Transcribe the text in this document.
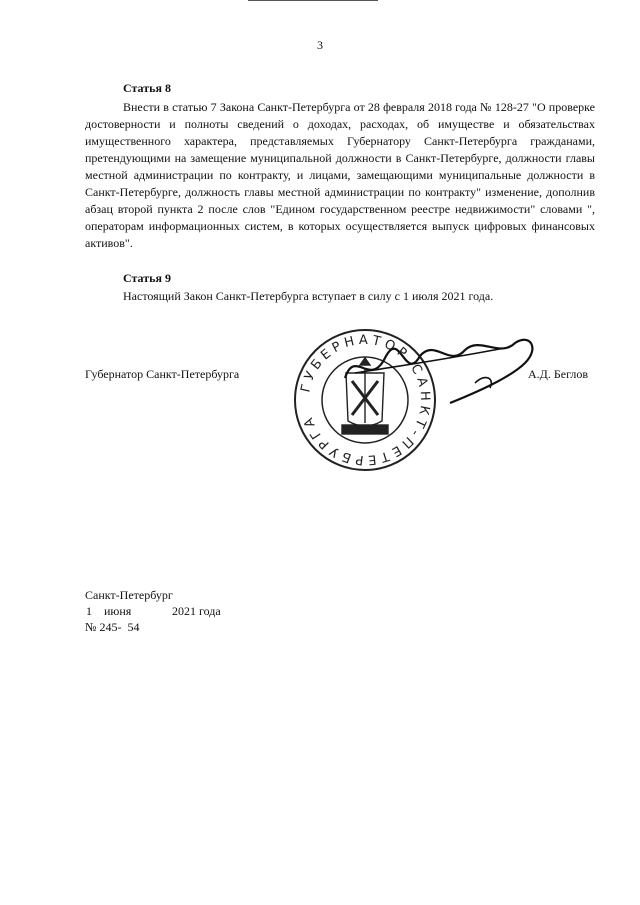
3
Статья 8

Внести в статью 7 Закона Санкт-Петербурга от 28 февраля 2018 года № 128-27 "О проверке достоверности и полноты сведений о доходах, расходах, об имуществе и обязательствах имущественного характера, представляемых Губернатору Санкт-Петербурга гражданами, претендующими на замещение муниципальной должности в Санкт-Петербурге, должности главы местной администрации по контракту, и лицами, замещающими муниципальные должности в Санкт-Петербурге, должность главы местной администрации по контракту" изменение, дополнив абзац второй пункта 2 после слов "Едином государственном реестре недвижимости" словами ", операторам информационных систем, в которых осуществляется выпуск цифровых финансовых активов".

Статья 9

Настоящий Закон Санкт-Петербурга вступает в силу с 1 июля 2021 года.

Губернатор Санкт-Петербурга
ГУБЕРНАТОР САНКТ-ПЕТЕРБУРГА
А.Д. Беглов
Санкт-Петербург
1 июня	2021 года
№ 245-  54
